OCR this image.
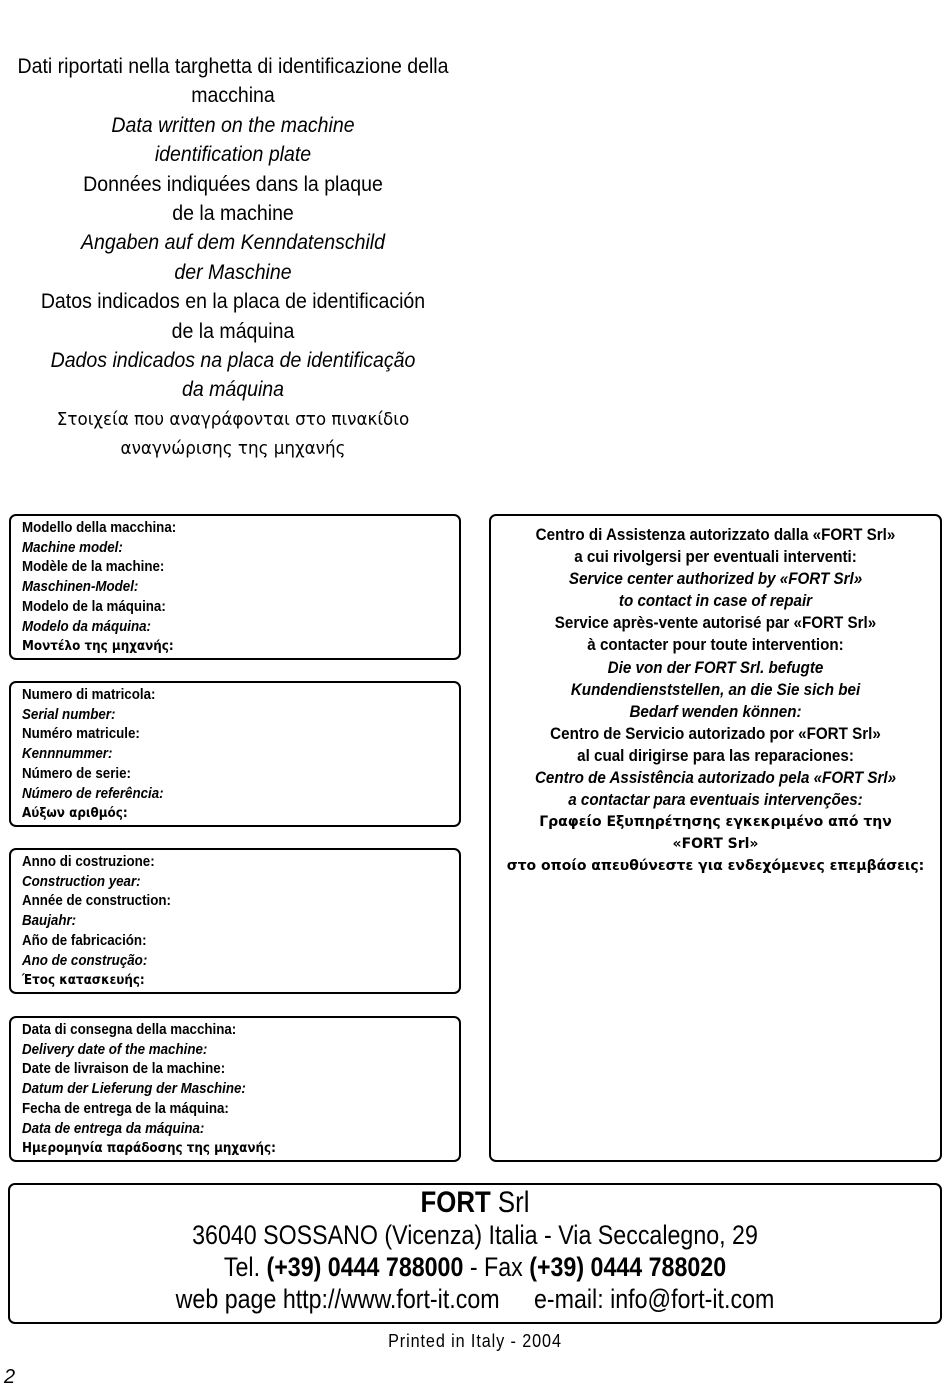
Dati riportati nella targhetta di identificazione della
macchina
Data written on the machine
identification plate
Données indiquées dans la plaque
de la machine
Angaben auf dem Kenndatenschild
der Maschine
Datos indicados en la placa de identificación
de la máquina
Dados indicados na placa de identificação
da máquina
Στοιχεία που αναγράφονται στο πινακίδιο
αναγνώρισης της μηχανής
Modello della macchina:
Machine model:
Modèle de la machine:
Maschinen-Model:
Modelo de la máquina:
Modelo da máquina:
Μοντέλο της μηχανής:
Numero di matricola:
Serial number:
Numéro matricule:
Kennnummer:
Número de serie:
Número de referência:
Αύξων αριθμός:
Anno di costruzione:
Construction year:
Année de construction:
Baujahr:
Año de fabricación:
Ano de construção:
Έτος κατασκευής:
Data di consegna della macchina:
Delivery date of the machine:
Date de livraison de la machine:
Datum der Lieferung der Maschine:
Fecha de entrega de la máquina:
Data de entrega da máquina:
Ημερομηνία παράδοσης της μηχανής:
Centro di Assistenza autorizzato dalla «FORT Srl»
a cui rivolgersi per eventuali interventi:
Service center authorized by «FORT Srl»
to contact in case of repair
Service après-vente autorisé par «FORT Srl»
à contacter pour toute intervention:
Die von der FORT Srl. befugte
Kundendienststellen, an die Sie sich bei
Bedarf wenden können:
Centro de Servicio autorizado por «FORT Srl»
al cual dirigirse para las reparaciones:
Centro de Assistência autorizado pela «FORT Srl»
a contactar para eventuais intervenções:
Γραφείο Εξυπηρέτησης εγκεκριμένο από την
«FORT Srl»
στο οποίο απευθύνεστε για ενδεχόμενες επεμβάσεις:
FORT Srl
36040 SOSSANO (Vicenza) Italia - Via Seccalegno, 29
Tel. (+39) 0444 788000 - Fax (+39) 0444 788020
web page http://www.fort-it.com e-mail: info@fort-it.com
Printed in Italy - 2004
2
